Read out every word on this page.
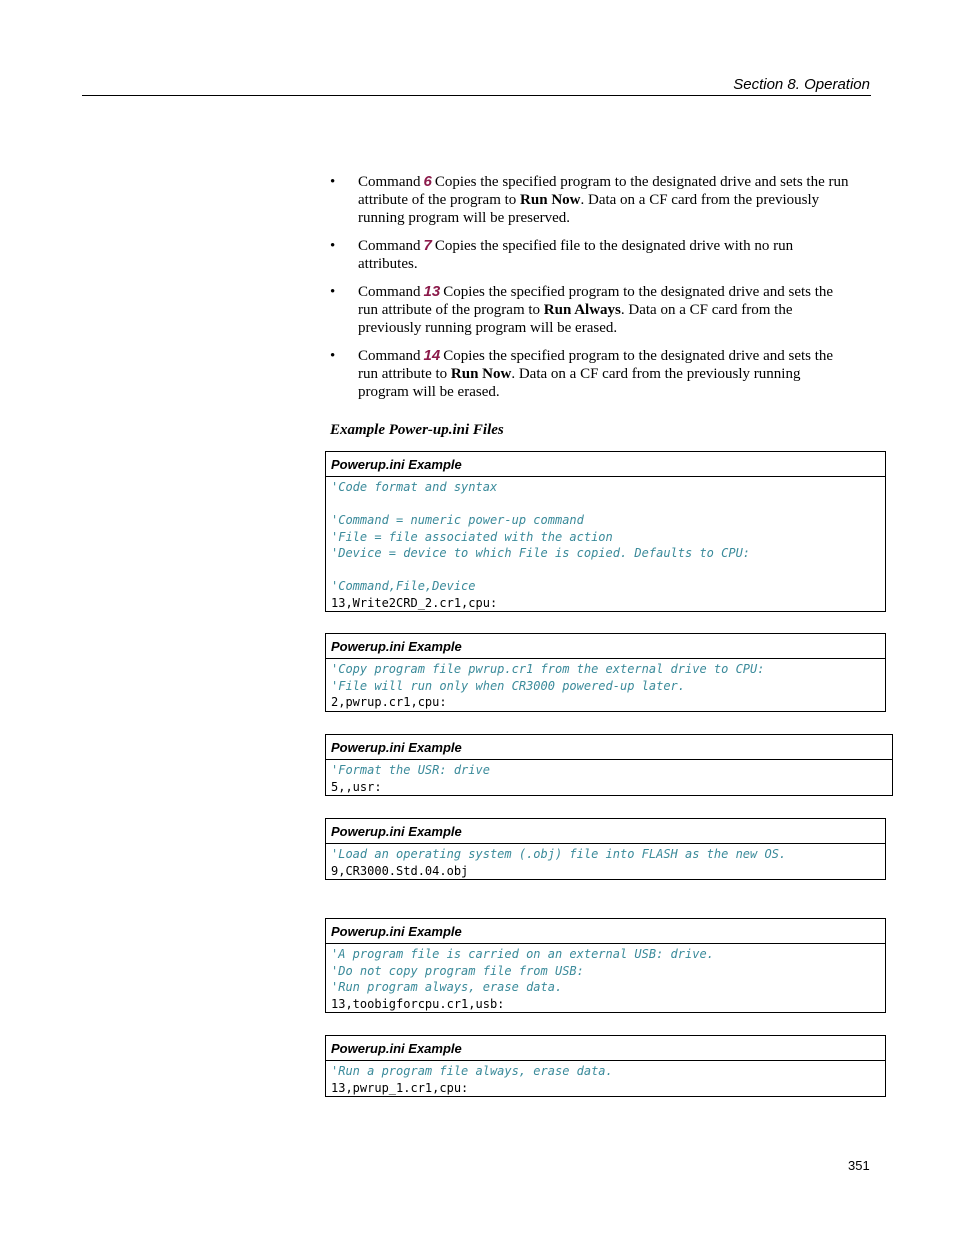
Section 8. Operation
• Command 6 Copies the specified program to the designated drive and sets the run attribute of the program to Run Now. Data on a CF card from the previously running program will be preserved.
• Command 7 Copies the specified file to the designated drive with no run attributes.
• Command 13 Copies the specified program to the designated drive and sets the run attribute of the program to Run Always. Data on a CF card from the previously running program will be erased.
• Command 14 Copies the specified program to the designated drive and sets the run attribute to Run Now. Data on a CF card from the previously running program will be erased.
Example Power-up.ini Files
Powerup.ini Example
'Code format and syntax
'Command = numeric power-up command
'File = file associated with the action
'Device = device to which File is copied. Defaults to CPU:
'Command,File,Device
13,Write2CRD_2.cr1,cpu:
Powerup.ini Example
'Copy program file pwrup.cr1 from the external drive to CPU:
'File will run only when CR3000 powered-up later.
2,pwrup.cr1,cpu:
Powerup.ini Example
'Format the USR: drive
5,,usr:
Powerup.ini Example
'Load an operating system (.obj) file into FLASH as the new OS.
9,CR3000.Std.04.obj
Powerup.ini Example
'A program file is carried on an external USB: drive.
'Do not copy program file from USB:
'Run program always, erase data.
13,toobigforcpu.cr1,usb:
Powerup.ini Example
'Run a program file always, erase data.
13,pwrup_1.cr1,cpu:
351
